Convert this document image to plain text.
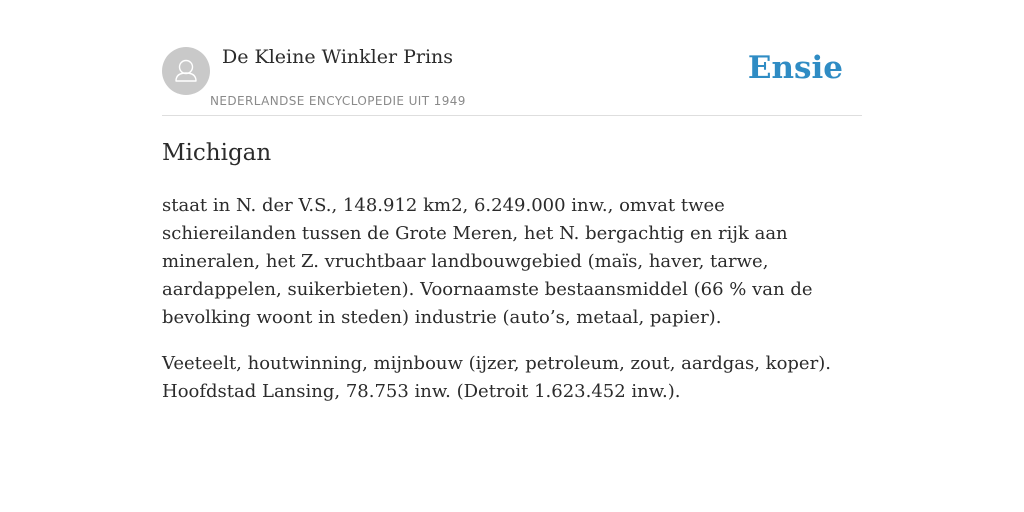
De Kleine Winkler Prins
NEDERLANDSE ENCYCLOPEDIE UIT 1949
Ensie
Michigan

staat in N. der V.S., 148.912 km2, 6.249.000 inw., omvat twee schiereilanden tussen de Grote Meren, het N. bergachtig en rijk aan mineralen, het Z. vruchtbaar landbouwgebied (maïs, haver, tarwe, aardappelen, suikerbieten). Voornaamste bestaansmiddel (66 % van de bevolking woont in steden) industrie (auto’s, metaal, papier).

Veeteelt, houtwinning, mijnbouw (ijzer, petroleum, zout, aardgas, koper). Hoofdstad Lansing, 78.753 inw. (Detroit 1.623.452 inw.).
